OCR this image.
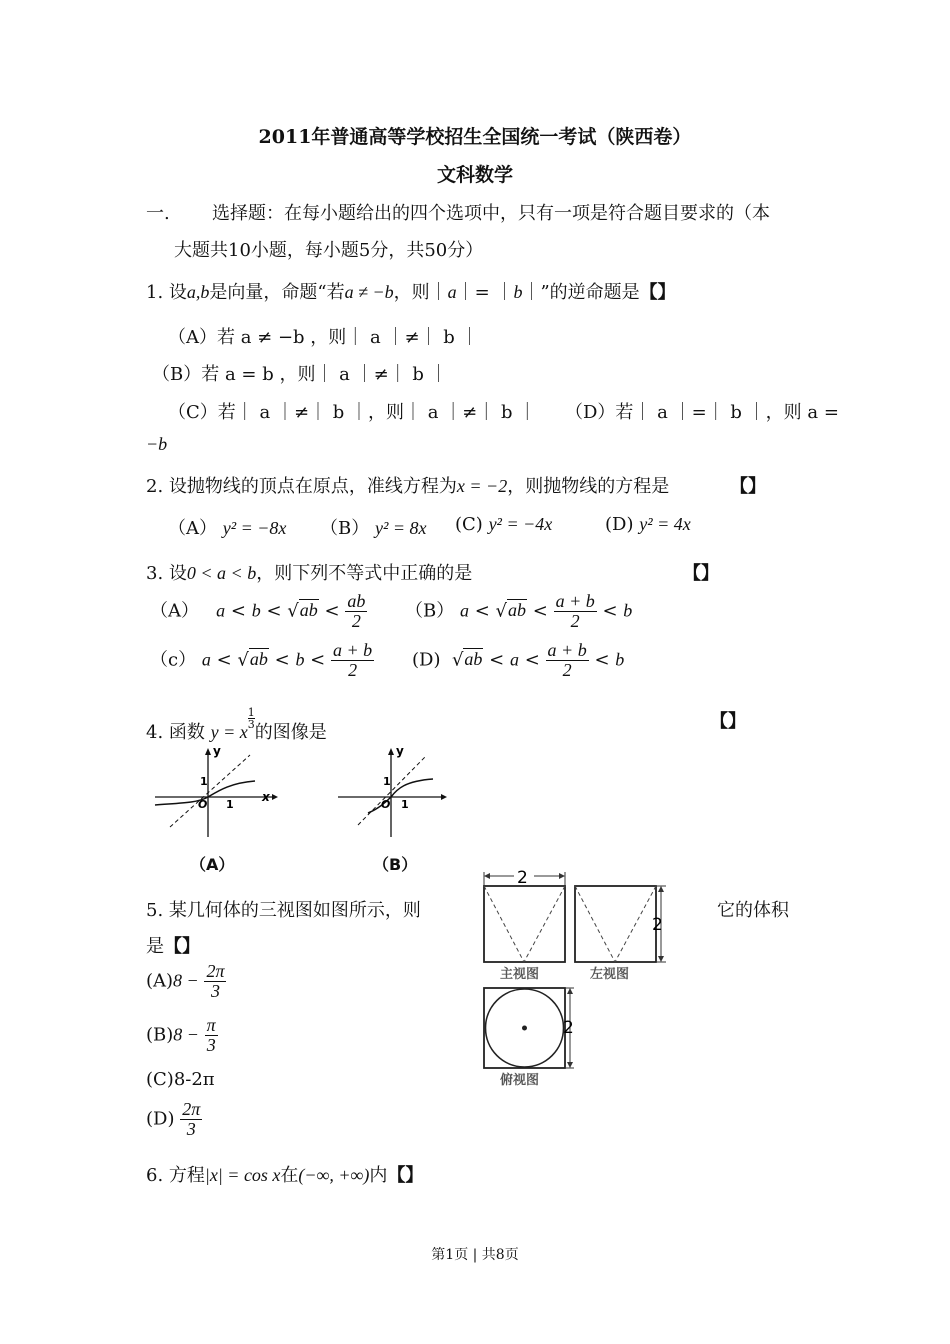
2011年普通高等学校招生全国统一考试（陕西卷）
文科数学
一. 选择题：在每小题给出的四个选项中，只有一项是符合题目要求的（本
大题共10小题，每小题5分，共50分）
1. 设a,b是向量，命题“若a ≠ −b，则｜a｜= ｜b｜”的逆命题是【】
（A）若 a ≠ −b ，则｜ a ｜≠｜ b ｜
（B）若 a = b ，则｜ a ｜≠｜ b ｜
（C）若｜ a ｜≠｜ b ｜，则｜ a ｜≠｜ b ｜ （D）若｜ a ｜=｜ b ｜，则 a =
−b
2. 设抛物线的顶点在原点，准线方程为x = −2，则抛物线的方程是	【】
（A） y² = −8x （B） y² = 8x (C) y² = −4x	(D) y² = 4x
3. 设0 < a < b，则下列不等式中正确的是	【】
（A） $a < b < √ab < \frac{ab}{2} (B) a < √ab < \frac{a + b}{2} < b$
（c） $a < √ab < b < \frac{a + b}{2} (D) √ab < a < \frac{a + b}{2} < b$
4. 函数 y = x
$^{\frac{1}{3}}$
的图像是
【】
y
x
1
O 1
（A）
y
1
O 1
（B）
5. 某几何体的三视图如图所示，则	它的体积
是【】
$(A)8 - \frac{2\pi}{3}$
$(B)8 - \frac{\pi}{3}$
(C)8-2π
$(D) \frac{2\pi}{3}$
2
主视图
2
左视图
2
俯视图
6. 方程|x| = cos x在(−∞, +∞)内【】
第1页 | 共8页
